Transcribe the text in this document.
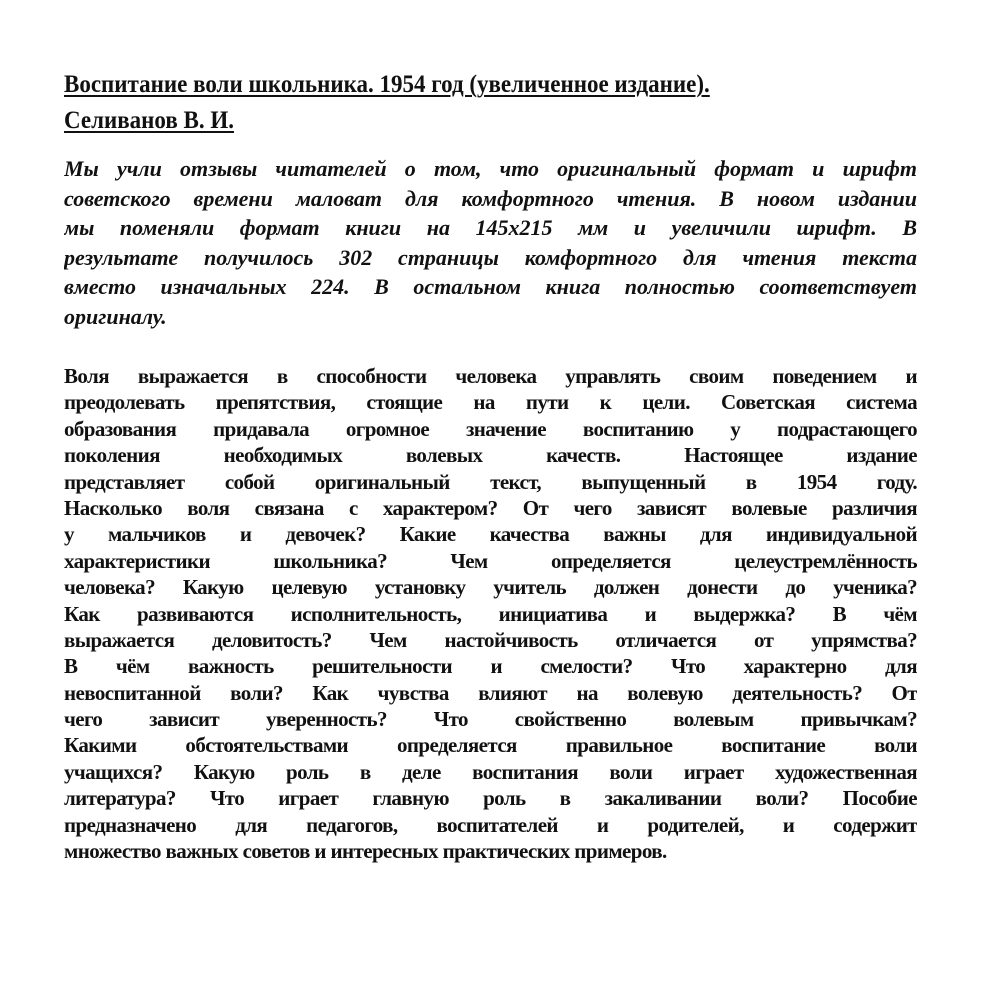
Воспитание воли школьника. 1954 год (увеличенное издание).
Селиванов В. И.
Мы учли отзывы читателей о том, что оригинальный формат и шрифт
советского времени маловат для комфортного чтения. В новом издании
мы поменяли формат книги на 145х215 мм и увеличили шрифт. В
результате получилось 302 страницы комфортного для чтения текста
вместо изначальных 224. В остальном книга полностью соответствует
оригиналу.
Воля выражается в способности человека управлять своим поведением и
преодолевать препятствия, стоящие на пути к цели. Советская система
образования придавала огромное значение воспитанию у подрастающего
поколения необходимых волевых качеств. Настоящее издание
представляет собой оригинальный текст, выпущенный в 1954 году.
Насколько воля связана с характером? От чего зависят волевые различия
у мальчиков и девочек? Какие качества важны для индивидуальной
характеристики школьника? Чем определяется целеустремлённость
человека? Какую целевую установку учитель должен донести до ученика?
Как развиваются исполнительность, инициатива и выдержка? В чём
выражается деловитость? Чем настойчивость отличается от упрямства?
В чём важность решительности и смелости? Что характерно для
невоспитанной воли? Как чувства влияют на волевую деятельность? От
чего зависит уверенность? Что свойственно волевым привычкам?
Какими обстоятельствами определяется правильное воспитание воли
учащихся? Какую роль в деле воспитания воли играет художественная
литература? Что играет главную роль в закаливании воли? Пособие
предназначено для педагогов, воспитателей и родителей, и содержит
множество важных советов и интересных практических примеров.
